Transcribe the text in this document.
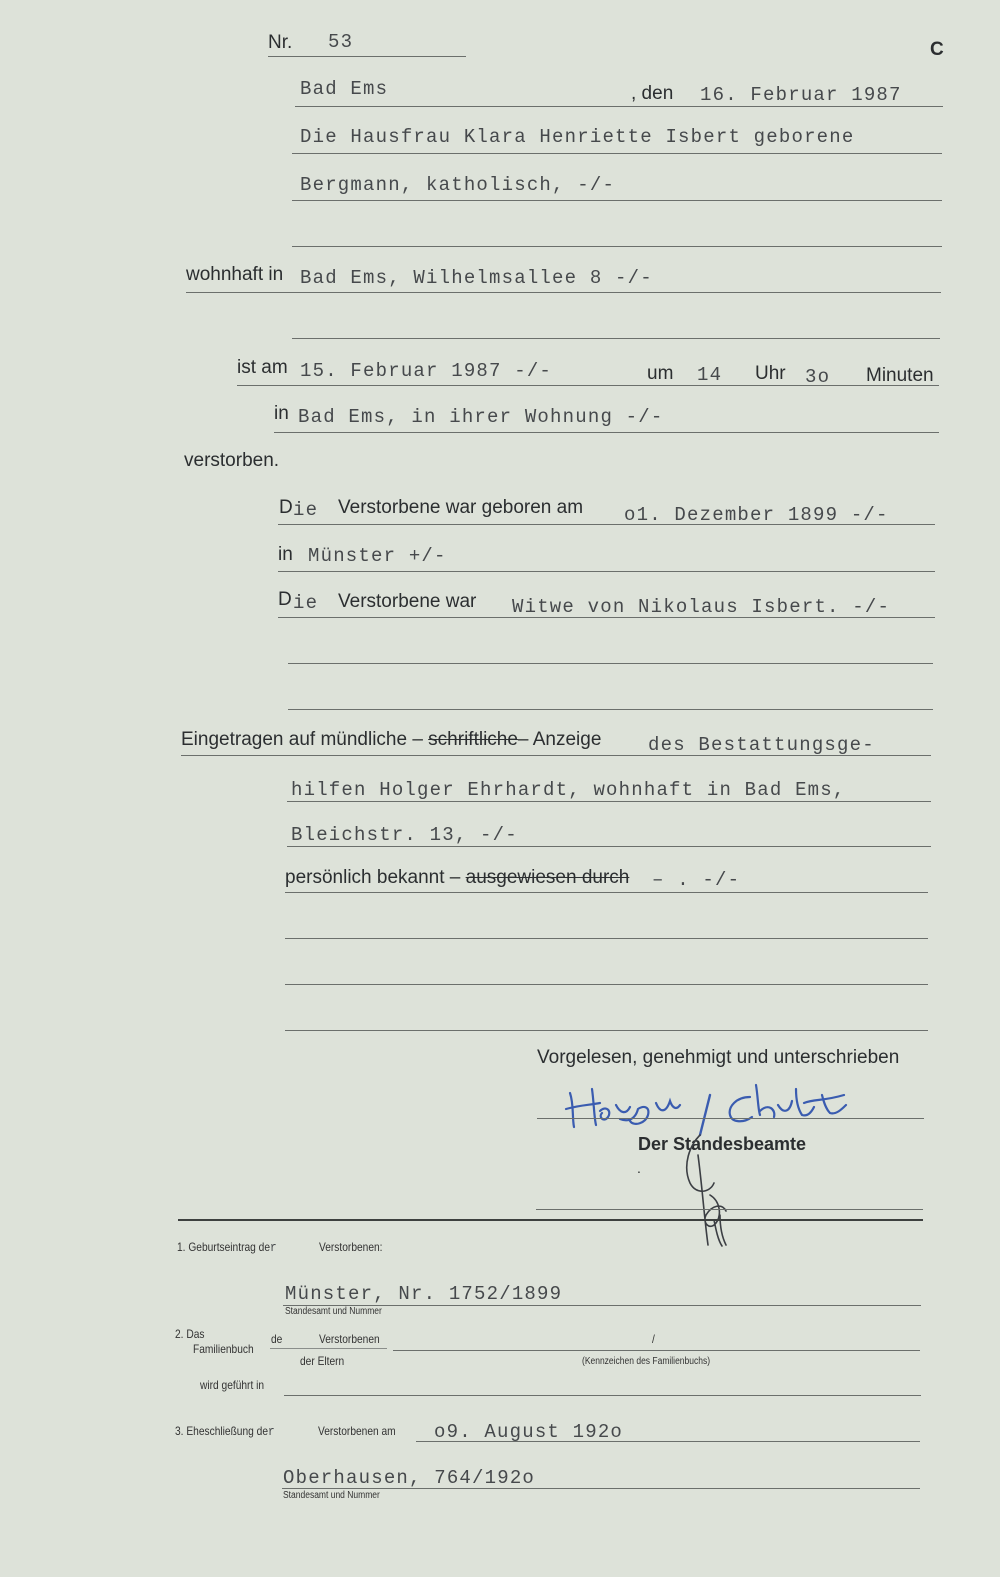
Nr. 53	C
Bad Ems	, den 16. Februar 1987
Die Hausfrau Klara Henriette Isbert geborene
Bergmann, katholisch, -/-
wohnhaft in Bad Ems, Wilhelmsallee 8 -/-
ist am 15. Februar 1987 -/-	um 14 Uhr 3o Minuten
in Bad Ems, in ihrer Wohnung -/-
verstorben.
D ie Verstorbene war geboren am o1. Dezember 1899 -/-
in Münster +/-
D ie Verstorbene war Witwe von Nikolaus Isbert. -/-
Eingetragen auf mündliche – schriftliche– Anzeige des Bestattungsge-
hilfen Holger Ehrhardt, wohnhaft in Bad Ems,
Bleichstr. 13, -/-
persönlich bekannt – ausgewiesen durch – . -/-
Vorgelesen, genehmigt und unterschrieben
Der Standesbeamte
.
1. Geburtseintrag der	Verstorbenen:
Münster, Nr. 1752/1899
Standesamt und Nummer
2. Das
Familienbuch
de	Verstorbenen
der Eltern
/
(Kennzeichen des Familienbuchs)
wird geführt in
3. Eheschließung der	Verstorbenen am o9. August 192o
Oberhausen, 764/192o
Standesamt und Nummer
